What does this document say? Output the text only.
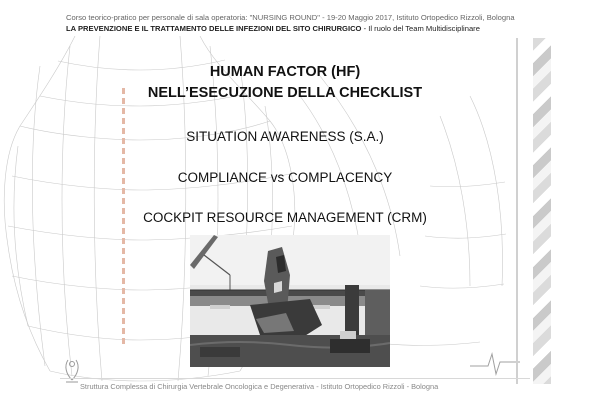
Corso teorico-pratico per personale di sala operatoria: "NURSING ROUND" - 19-20 Maggio 2017, Istituto Ortopedico Rizzoli, Bologna
LA PREVENZIONE E IL TRATTAMENTO DELLE INFEZIONI DEL SITO CHIRURGICO - Il ruolo del Team Multidisciplinare
HUMAN FACTOR (HF)
NELL’ESECUZIONE DELLA CHECKLIST
SITUATION AWARENESS (S.A.)
COMPLIANCE vs COMPLACENCY
COCKPIT RESOURCE MANAGEMENT (CRM)
Struttura Complessa di Chirurgia Vertebrale Oncologica e Degenerativa - Istituto Ortopedico Rizzoli - Bologna
